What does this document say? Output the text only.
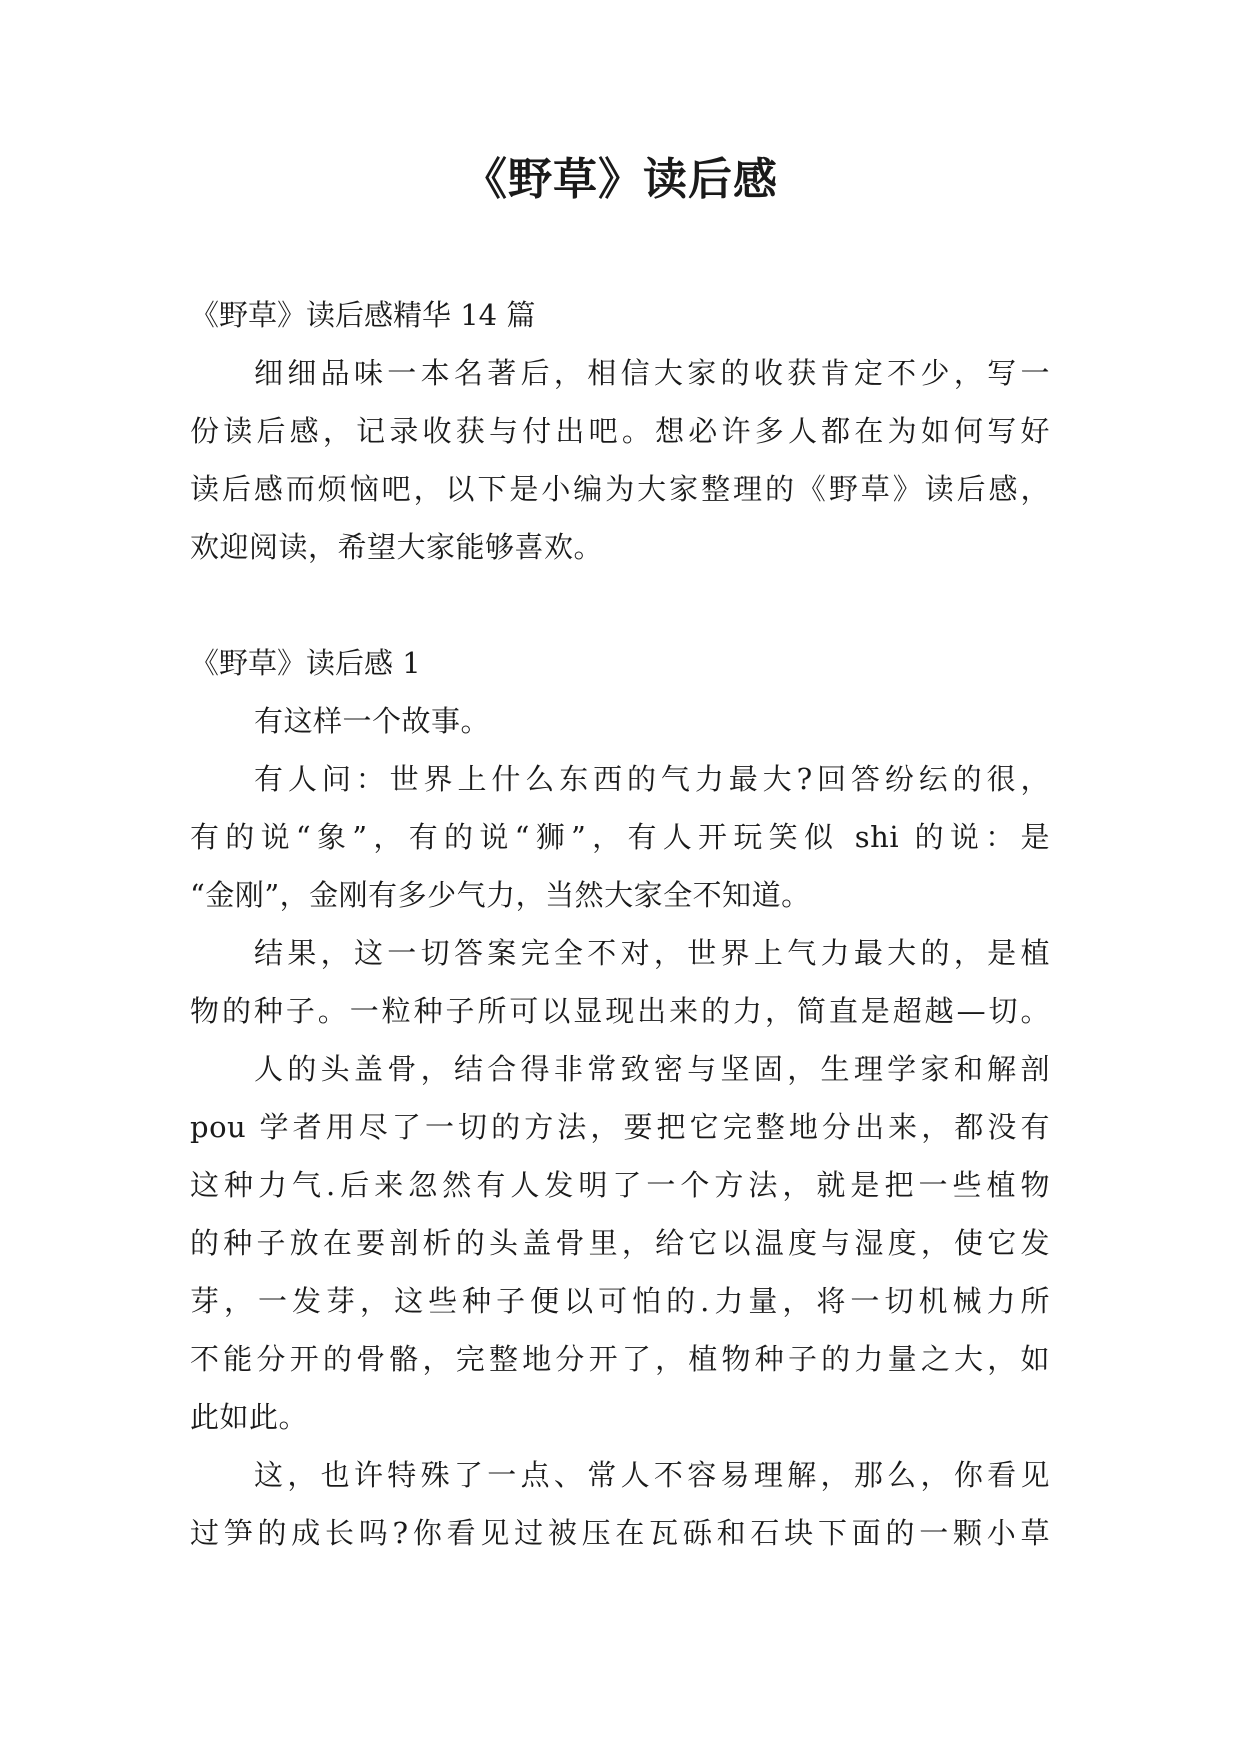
《野草》读后感

《野草》读后感精华 14 篇

细细品味一本名著后，相信大家的收获肯定不少，写一

份读后感，记录收获与付出吧。想必许多人都在为如何写好

读后感而烦恼吧，以下是小编为大家整理的《野草》读后感，

欢迎阅读，希望大家能够喜欢。

《野草》读后感 1

有这样一个故事。

有人问：世界上什么东西的气力最大?回答纷纭的很，

有的说“象”，有的说“狮”，有人开玩笑似 shi 的说：是

“金刚”，金刚有多少气力，当然大家全不知道。

结果，这一切答案完全不对，世界上气力最大的，是植

物的种子。一粒种子所可以显现出来的力，简直是超越—切。

人的头盖骨，结合得非常致密与坚固，生理学家和解剖

pou 学者用尽了一切的方法，要把它完整地分出来，都没有

这种力气.后来忽然有人发明了一个方法，就是把一些植物

的种子放在要剖析的头盖骨里，给它以温度与湿度，使它发

芽，一发芽，这些种子便以可怕的.力量，将一切机械力所

不能分开的骨骼，完整地分开了，植物种子的力量之大，如

此如此。

这，也许特殊了一点、常人不容易理解，那么，你看见

过笋的成长吗?你看见过被压在瓦砾和石块下面的一颗小草
